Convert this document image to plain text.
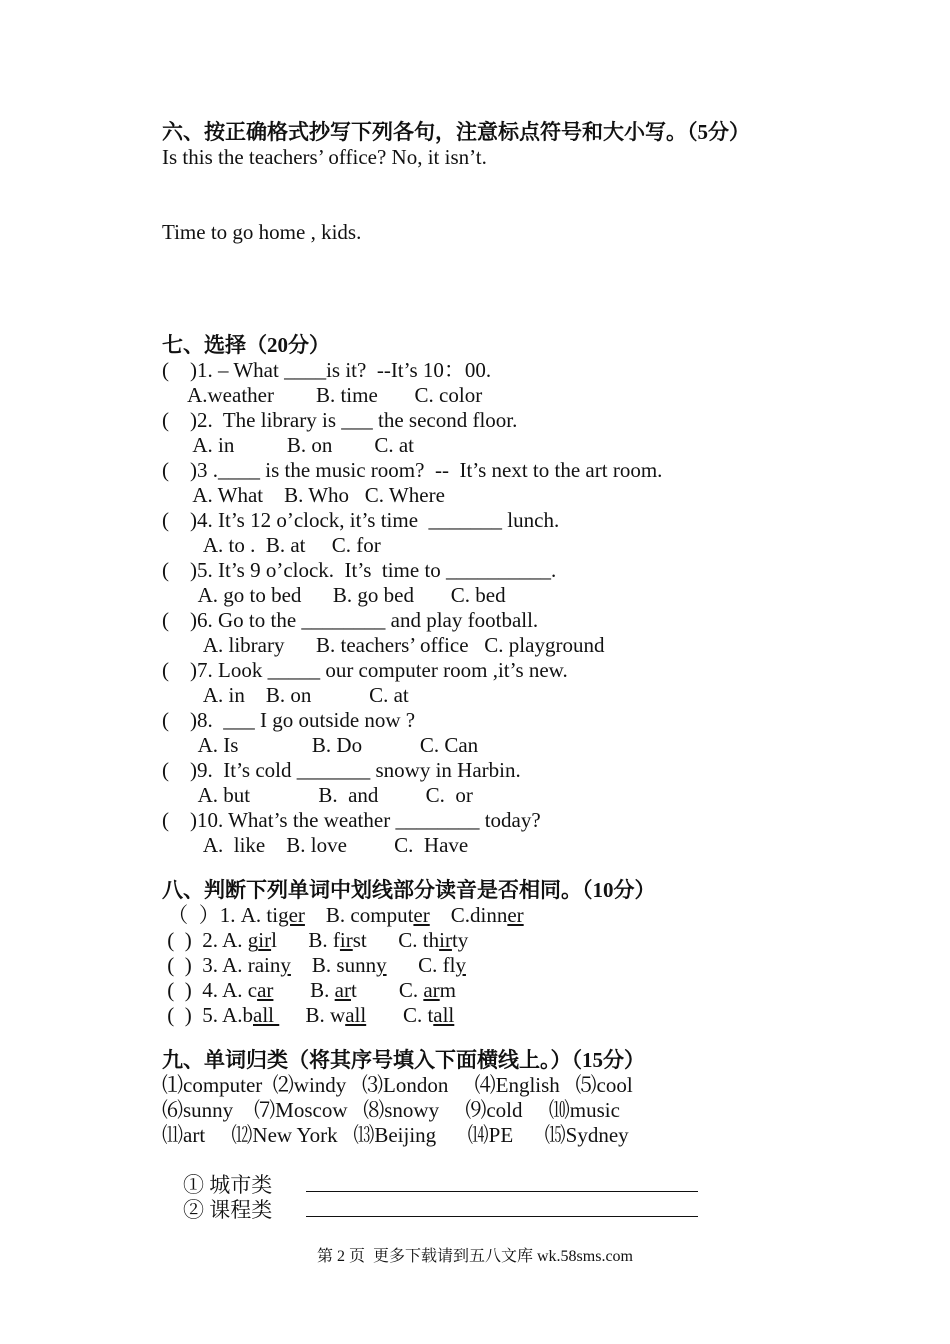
六、按正确格式抄写下列各句，注意标点符号和大小写。（5分）
Is this the teachers’ office? No, it isn’t.
Time to go home , kids.
七、选择（20分）
(    )1. – What ____is it?  --It’s 10：00.
A.weather        B. time       C. color
(    )2.  The library is ___ the second floor.
A. in          B. on        C. at
(    )3 .____ is the music room?  --  It’s next to the art room.
A. What    B. Who   C. Where
(    )4. It’s 12 o’clock, it’s time  _______ lunch.
A. to .  B. at     C. for
(    )5. It’s 9 o’clock.  It’s  time to __________.
A. go to bed      B. go bed       C. bed
(    )6. Go to the ________ and play football.
A. library      B. teachers’ office   C. playground
(    )7. Look _____ our computer room ,it’s new.
A. in    B. on           C. at
(    )8.  ___ I go outside now ?
A. Is              B. Do           C. Can
(    )9.  It’s cold _______ snowy in Harbin.
A. but             B.  and         C.  or
(    )10. What’s the weather ________ today?
A.  like    B. love         C.  Have
八、判断下列单词中划线部分读音是否相同。（10分）
（  ）1. A. tiger    B. computer    C.dinner
(  )  2. A. girl      B. first      C. thirty
(  )  3. A. rainy    B. sunny      C. fly
(  )  4. A. car       B. art        C. arm
(  )  5. A.ball      B. wall       C. tall
九、单词归类（将其序号填入下面横线上。）（15分）
⑴computer  ⑵windy   ⑶London     ⑷English   ⑸cool
⑹sunny    ⑺Moscow   ⑻snowy     ⑼cold     ⑽music
⑾art     ⑿New York   ⒀Beijing      ⒁PE      ⒂Sydney

① 城市类

② 课程类

第 2 页  更多下载请到五八文库 wk.58sms.com
